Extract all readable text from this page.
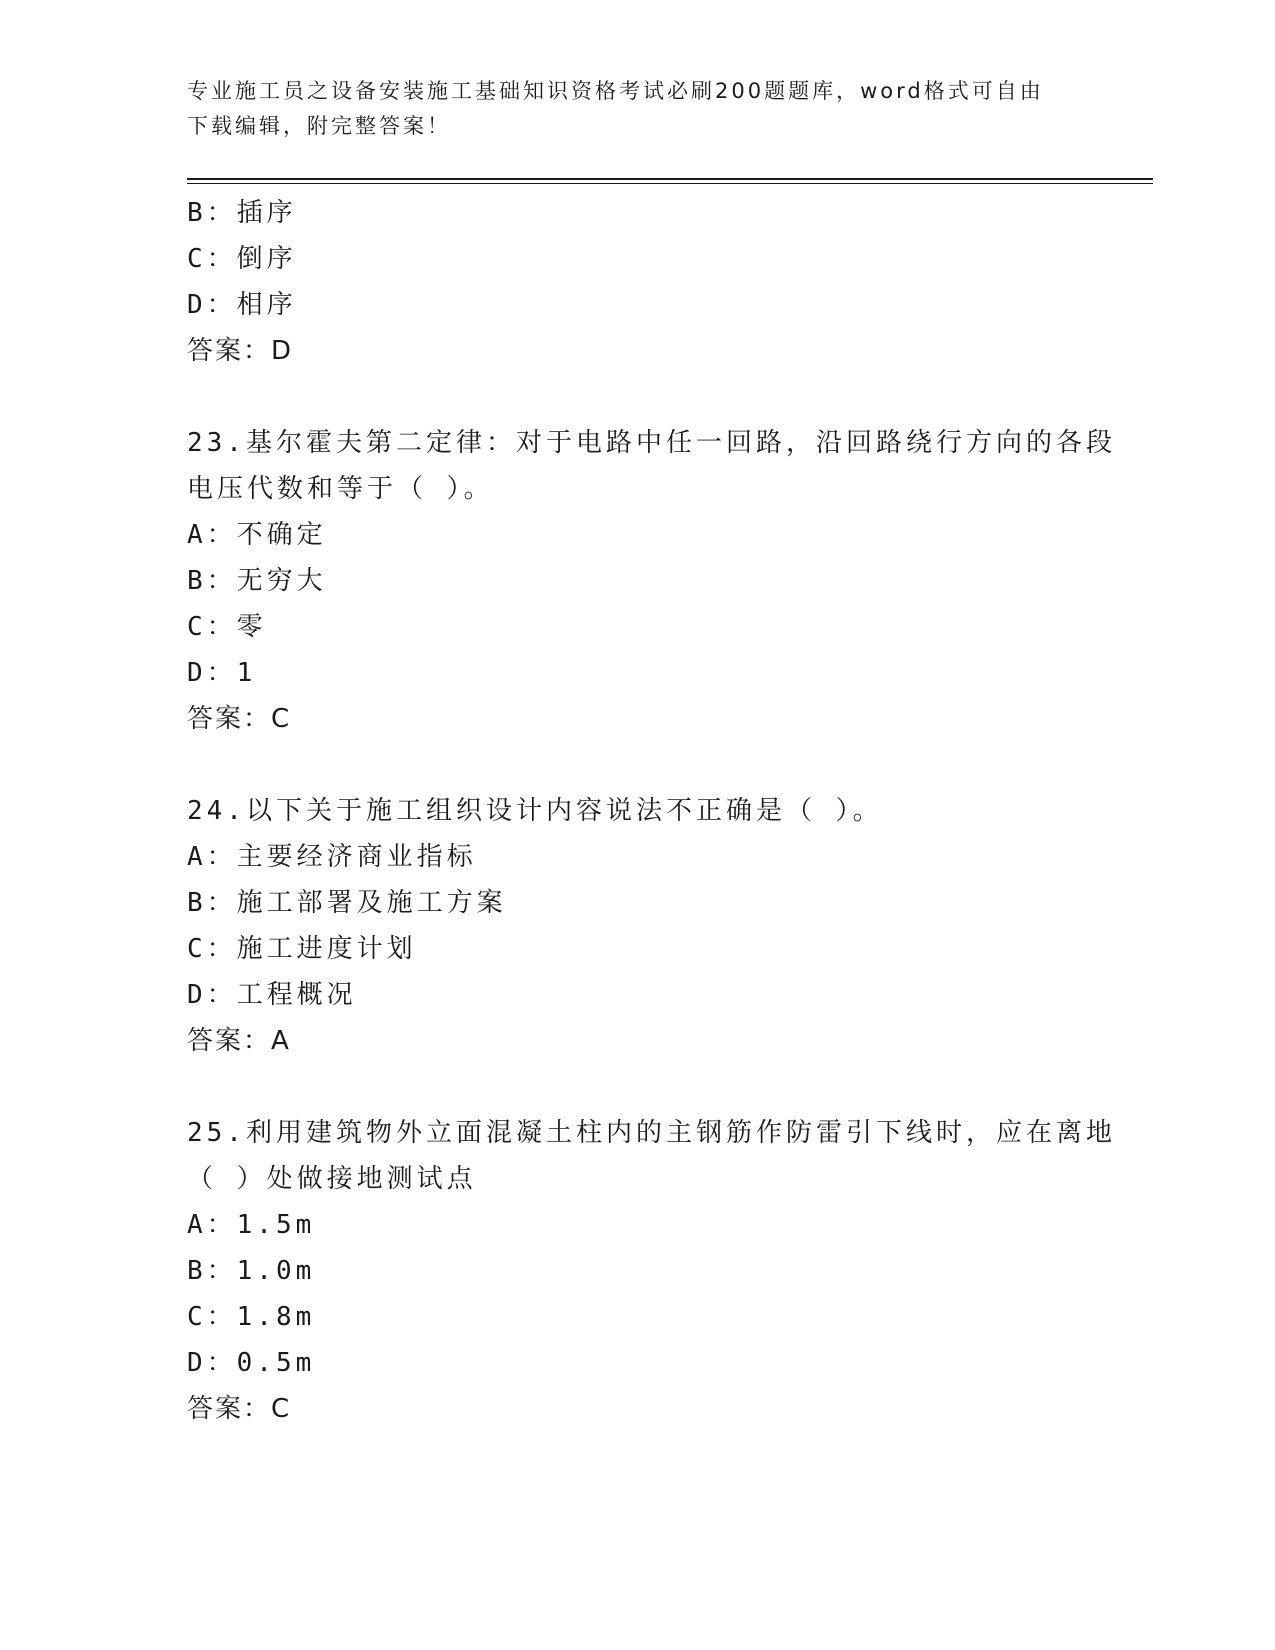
专业施工员之设备安装施工基础知识资格考试必刷200题题库，word格式可自由
下载编辑，附完整答案！
B：插序
C：倒序
D：相序
答案：D
23.基尔霍夫第二定律：对于电路中任一回路，沿回路绕行方向的各段
电压代数和等于（ ）。
A：不确定
B：无穷大
C：零
D：1
答案：C
24.以下关于施工组织设计内容说法不正确是（ ）。
A：主要经济商业指标
B：施工部署及施工方案
C：施工进度计划
D：工程概况
答案：A
25.利用建筑物外立面混凝土柱内的主钢筋作防雷引下线时，应在离地
（ ）处做接地测试点
A：1.5m
B：1.0m
C：1.8m
D：0.5m
答案：C
